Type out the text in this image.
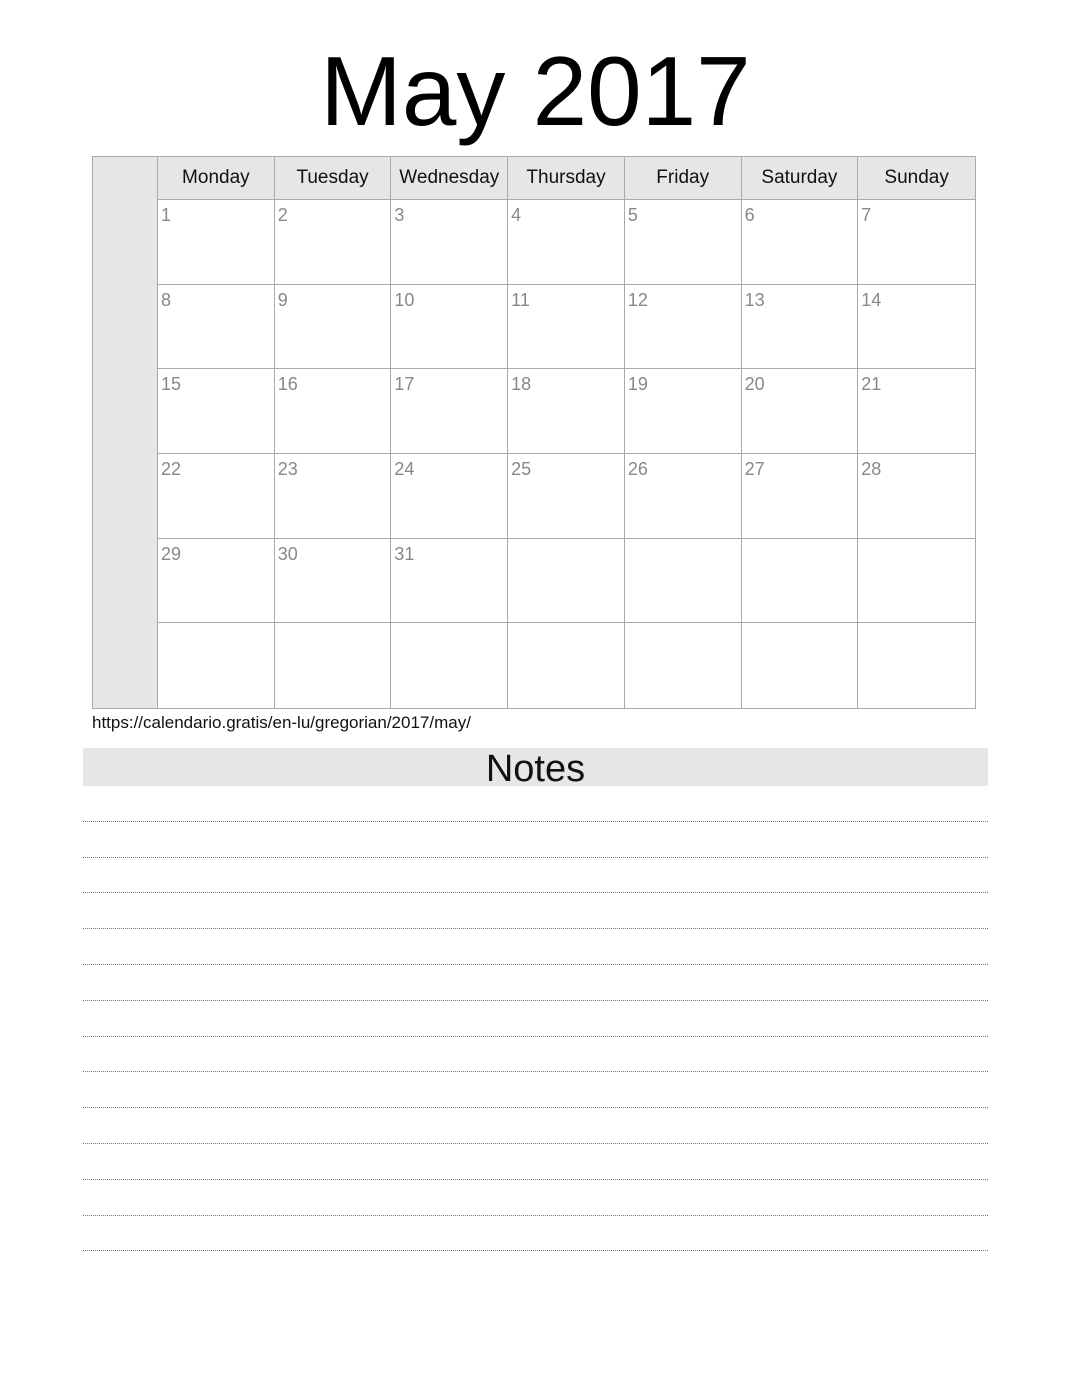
May 2017
Monday	Tuesday	Wednesday	Thursday	Friday	Saturday	Sunday
1	2	3	4	5	6	7
8	9	10	11	12	13	14
15	16	17	18	19	20	21
22	23	24	25	26	27	28
29	30	31
https://calendario.gratis/en-lu/gregorian/2017/may/
Notes
